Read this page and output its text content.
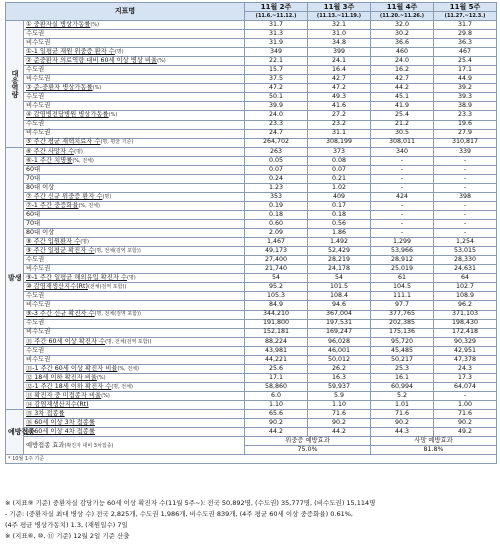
지표명		11월 2주	11월 3주	11월 4주	11월 5주
		(11.6.~11.12.)	(11.13.~11.19.)	(11.20.~11.26.)	(11.27.~12.3.)
대응역량	① 중환자실 병상가동률(%)	31.7	32.1	32.0	31.7
	수도권	31.3	31.0	30.2	29.8
	비수도권	31.9	34.8	36.6	36.3
	①-1 일평균 재원 위중증 환자 수(명)	349	399	460	467
	② 준중환자 의료역량 대비 60세 이상 병상 비율(%)	22.1	24.1	24.0	25.4
	수도권	15.7	16.4	16.2	17.1
	비수도권	37.5	42.7	42.7	44.9
	③ 준-중환자 병상가동률(%)	47.2	47.2	44.2	39.2
	수도권	50.1	49.3	45.1	39.3
	비수도권	39.9	41.6	41.9	38.9
	④ 감염병전담병원 병상가동률(%)	24.0	27.2	25.4	23.3
	수도권	23.3	23.2	21.2	19.6
	비수도권	24.7	31.1	30.5	27.9
	⑤ 주간 평균 재택치료자 수(명, 평균 기준)	264,702	308,199	308,011	310,817
발생	⑥ 주간 사망자 수(명)	263	373	340	339
	⑥-1 주간 치명률(%, 전체)	0.05	0.08	-	-
	60대	0.07	0.07	-	-
	70대	0.24	0.21	-	-
	80대 이상	1.23	1.02	-	-
	⑦ 주간 신규 위중증 환자 수(명)	353	409	424	398
	⑦-1 주간 중증화율(%, 전체)	0.19	0.17	-	-
	60대	0.18	0.18	-	-
	70대	0.60	0.56	-	-
	80대 이상	2.09	1.86	-	-
	⑧ 주간 입원환자 수(명)	1,467	1,492	1,299	1,254
	⑨ 주간 일평균 확진자 수(명, 전체(검역 포함))	49,173	52,429	53,966	53,015
	수도권	27,400	28,219	28,912	28,330
	비수도권	21,740	24,178	25,019	24,631
	⑨-1 주간 일평균 해외유입 확진자 수(명)	54	54	61	64
	⑩ 감염재생산지수(Rt)(전체(검역 포함))	95.2	101.5	104.5	102.7
	수도권	105.3	108.4	111.1	108.9
	비수도권	84.9	94.6	97.7	96.2
	⑨-3 주간 신규 확진자 수(명, 전체(검역 포함))	344,210	367,004	377,765	371,103
	수도권	191,800	197,531	202,385	198,430
	비수도권	152,181	169,247	175,136	172,418
	⑪ 주간 60세 이상 확진자 수(명, 전체(검역 포함))	88,224	96,028	95,720	90,329
	수도권	43,981	46,001	45,485	42,951
	비수도권	44,221	50,012	50,217	47,378
	⑪-1 주간 60세 이상 확진자 비율(%, 전체)	25.6	26.2	25.3	24.3
	⑫ 18세 이하 확진자 비율(%)	17.1	16.3	16.1	17.3
	⑫-1 주간 18세 이하 확진자 수(명, 전체)	58,860	59,937	60,994	64,074
	⑬ 확진자 중 미접종자 비율(%)	6.0	5.9	5.2	-
	⑭ 감염재생산지수(Rt)	1.10	1.10	1.01	1.00
예방접종	⑮ 3차 접종률	65.6	71.6	71.6	71.6
	⑯ 60세 이상 3차 접종률	90.2	90.2	90.2	90.2
	⑰ 60세 이상 4차 접종률	44.2	44.2	44.3	49.2
	예방접종 효과(확진자 대비 3차접종)	위중증 예방효과		사망 예방효과	
		75.0%		81.8%	
* 10월 1주 기준					
※ (지표⑨ 기준) 중환자실 감당기능 60세 이상 확진자 수(11월 5주~): 전국 50,892명, (수도권) 35,777명, (비수도권) 15,114명
- 기준: (중환자실 최대 병상 수) 전국 2,825개, 수도권 1,986개, 비수도권 839개, (4주 평균 60세 이상 중증화율) 0.61%,
(4주 평균 병상가동치) 1.3, (재원일수) 7일
※ (지표⑥, ⑩, ⑪ 기준) 12월 2일 기준 산출
